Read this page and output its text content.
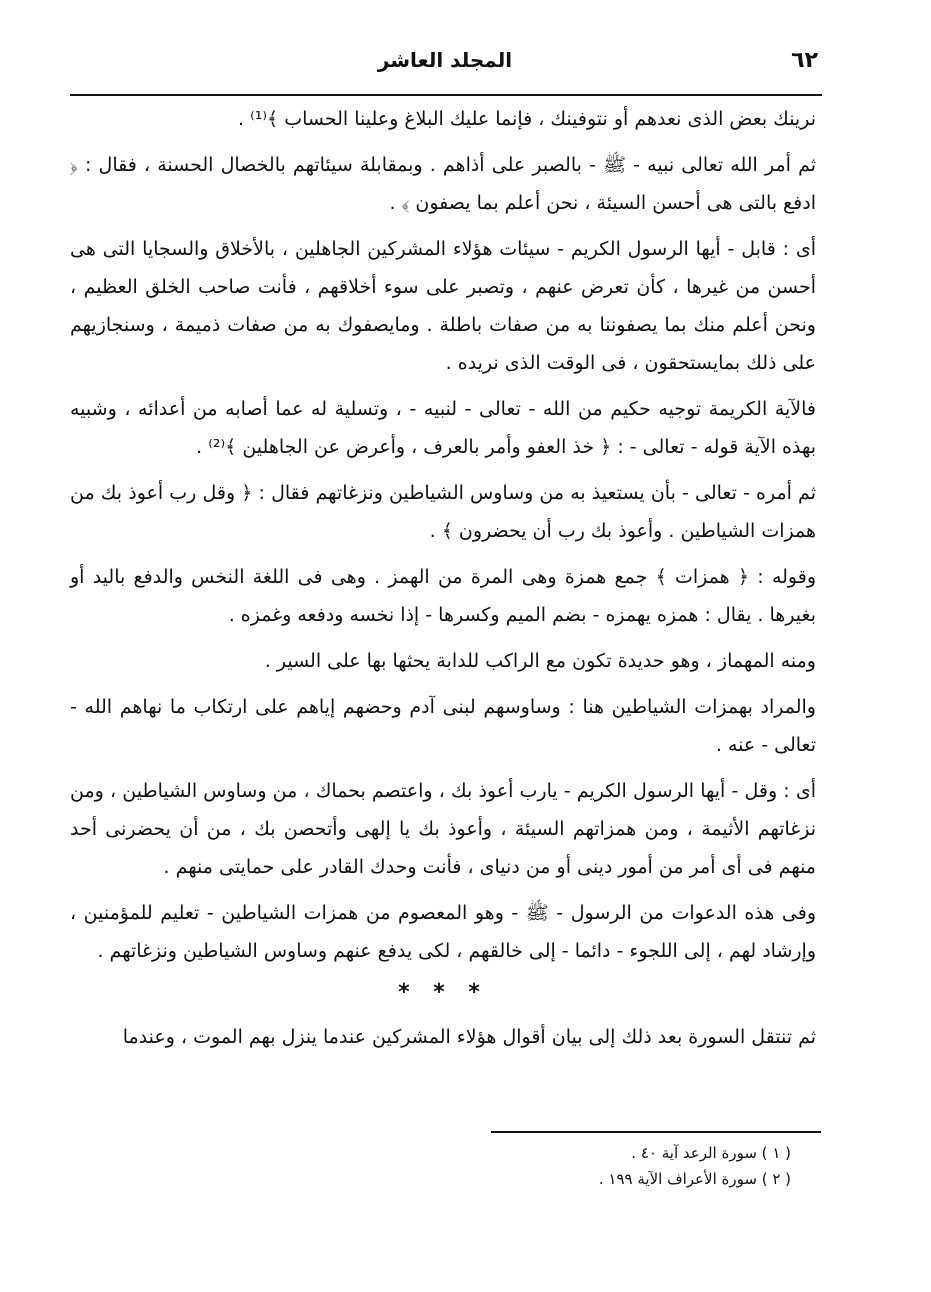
٦٢
المجلد العاشر

نرينك بعض الذى نعدهم أو نتوفينك ، فإنما عليك البلاغ وعلينا الحساب ﴾⁽¹⁾ .

ثم أمر الله تعالى نبيه - ﷺ - بالصبر على أذاهم . وبمقابلة سيئاتهم بالخصال الحسنة ، فقال : ﴿ ادفع بالتى هى أحسن السيئة ، نحن أعلم بما يصفون ﴾ .

أى : قابل - أيها الرسول الكريم - سيئات هؤلاء المشركين الجاهلين ، بالأخلاق والسجايا التى هى أحسن من غيرها ، كأن تعرض عنهم ، وتصبر على سوء أخلاقهم ، فأنت صاحب الخلق العظيم ، ونحن أعلم منك بما يصفوننا به من صفات باطلة . ومايصفوك به من صفات ذميمة ، وسنجازيهم على ذلك بمايستحقون ، فى الوقت الذى نريده .

فالآية الكريمة توجيه حكيم من الله - تعالى - لنبيه - ، وتسلية له عما أصابه من أعدائه ، وشبيه بهذه الآية قوله - تعالى - : ﴿ خذ العفو وأمر بالعرف ، وأعرض عن الجاهلين ﴾⁽²⁾ .

ثم أمره - تعالى - بأن يستعيذ به من وساوس الشياطين ونزغاتهم فقال : ﴿ وقل رب أعوذ بك من همزات الشياطين . وأعوذ بك رب أن يحضرون ﴾ .

وقوله : ﴿ همزات ﴾ جمع همزة وهى المرة من الهمز . وهى فى اللغة النخس والدفع باليد أو بغيرها . يقال : همزه يهمزه - بضم الميم وكسرها - إذا نخسه ودفعه وغمزه .

ومنه المهماز ، وهو حديدة تكون مع الراكب للدابة يحثها بها على السير .

والمراد بهمزات الشياطين هنا : وساوسهم لبنى آدم وحضهم إياهم على ارتكاب ما نهاهم الله - تعالى - عنه .

أى : وقل - أيها الرسول الكريم - يارب أعوذ بك ، واعتصم بحماك ، من وساوس الشياطين ، ومن نزغاتهم الأثيمة ، ومن همزاتهم السيئة ، وأعوذ بك يا إلهى وأتحصن بك ، من أن يحضرنى أحد منهم فى أى أمر من أمور دينى أو من دنياى ، فأنت وحدك القادر على حمايتى منهم .

وفى هذه الدعوات من الرسول - ﷺ - وهو المعصوم من همزات الشياطين - تعليم للمؤمنين ، وإرشاد لهم ، إلى اللجوء - دائما - إلى خالقهم ، لكى يدفع عنهم وساوس الشياطين ونزغاتهم .

* * *

ثم تنتقل السورة بعد ذلك إلى بيان أقوال هؤلاء المشركين عندما ينزل بهم الموت ، وعندما

( ١ ) سورة الرعد آية ٤٠ .
( ٢ ) سورة الأعراف الآية ١٩٩ .
